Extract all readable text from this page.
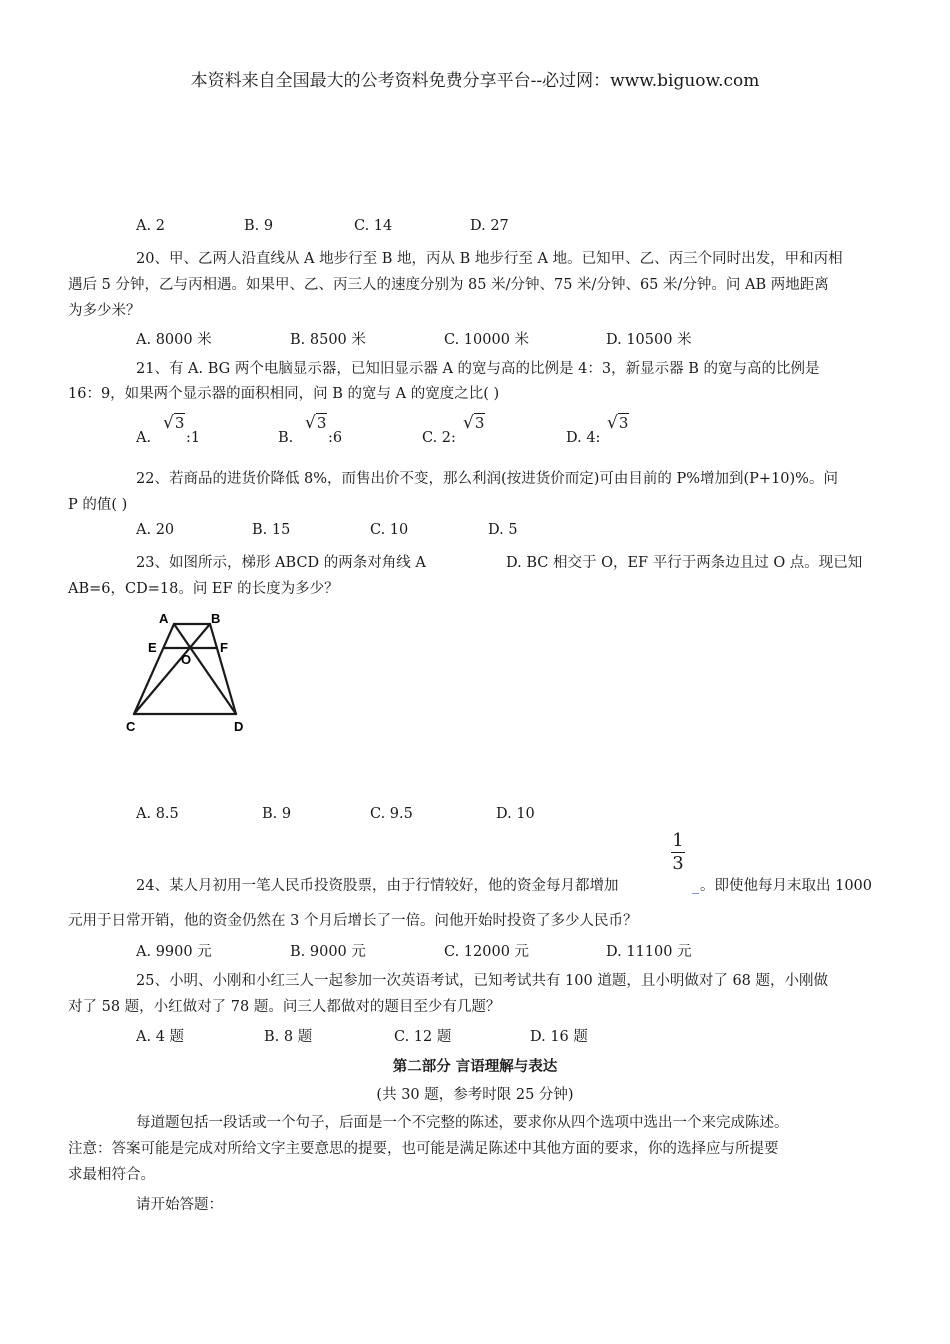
本资料来自全国最大的公考资料免费分享平台--必过网：www.biguow.com
A. 2	B. 9	C. 14	D. 27
20、甲、乙两人沿直线从 A 地步行至 B 地，丙从 B 地步行至 A 地。已知甲、乙、丙三个同时出发，甲和丙相
遇后 5 分钟，乙与丙相遇。如果甲、乙、丙三人的速度分别为 85 米/分钟、75 米/分钟、65 米/分钟。问 AB 两地距离
为多少米？
A. 8000 米	B. 8500 米	C. 10000 米	D. 10500 米
21、有 A. BG 两个电脑显示器，已知旧显示器 A 的宽与高的比例是 4：3，新显示器 B 的宽与高的比例是
16：9，如果两个显示器的面积相同，问 B 的宽与 A 的宽度之比( )
A.
√3
:1	B.
√3
:6	C. 2:
√3
D. 4:
√3
22、若商品的进货价降低 8%，而售出价不变，那么利润(按进货价而定)可由目前的 P%增加到(P+10)%。问
P 的值( )
A. 20	B. 15	C. 10	D. 5
23、如图所示，梯形 ABCD 的两条对角线 A	D. BC 相交于 O，EF 平行于两条边且过 O 点。现已知
AB=6，CD=18。问 EF 的长度为多少？
A	B
E	F
O
C	D
A. 8.5	B. 9	C. 9.5	D. 10
1
3
24、某人月初用一笔人民币投资股票，由于行情较好，他的资金每月都增加	_ 。即使他每月末取出 1000
元用于日常开销，他的资金仍然在 3 个月后增长了一倍。问他开始时投资了多少人民币？
A. 9900 元	B. 9000 元	C. 12000 元	D. 11100 元
25、小明、小刚和小红三人一起参加一次英语考试，已知考试共有 100 道题，且小明做对了 68 题，小刚做
对了 58 题，小红做对了 78 题。问三人都做对的题目至少有几题？
A. 4 题	B. 8 题	C. 12 题	D. 16 题
第二部分 言语理解与表达
(共 30 题，参考时限 25 分钟)
每道题包括一段话或一个句子，后面是一个不完整的陈述，要求你从四个选项中选出一个来完成陈述。
注意：答案可能是完成对所给文字主要意思的提要，也可能是满足陈述中其他方面的要求，你的选择应与所提要
求最相符合。
请开始答题：
